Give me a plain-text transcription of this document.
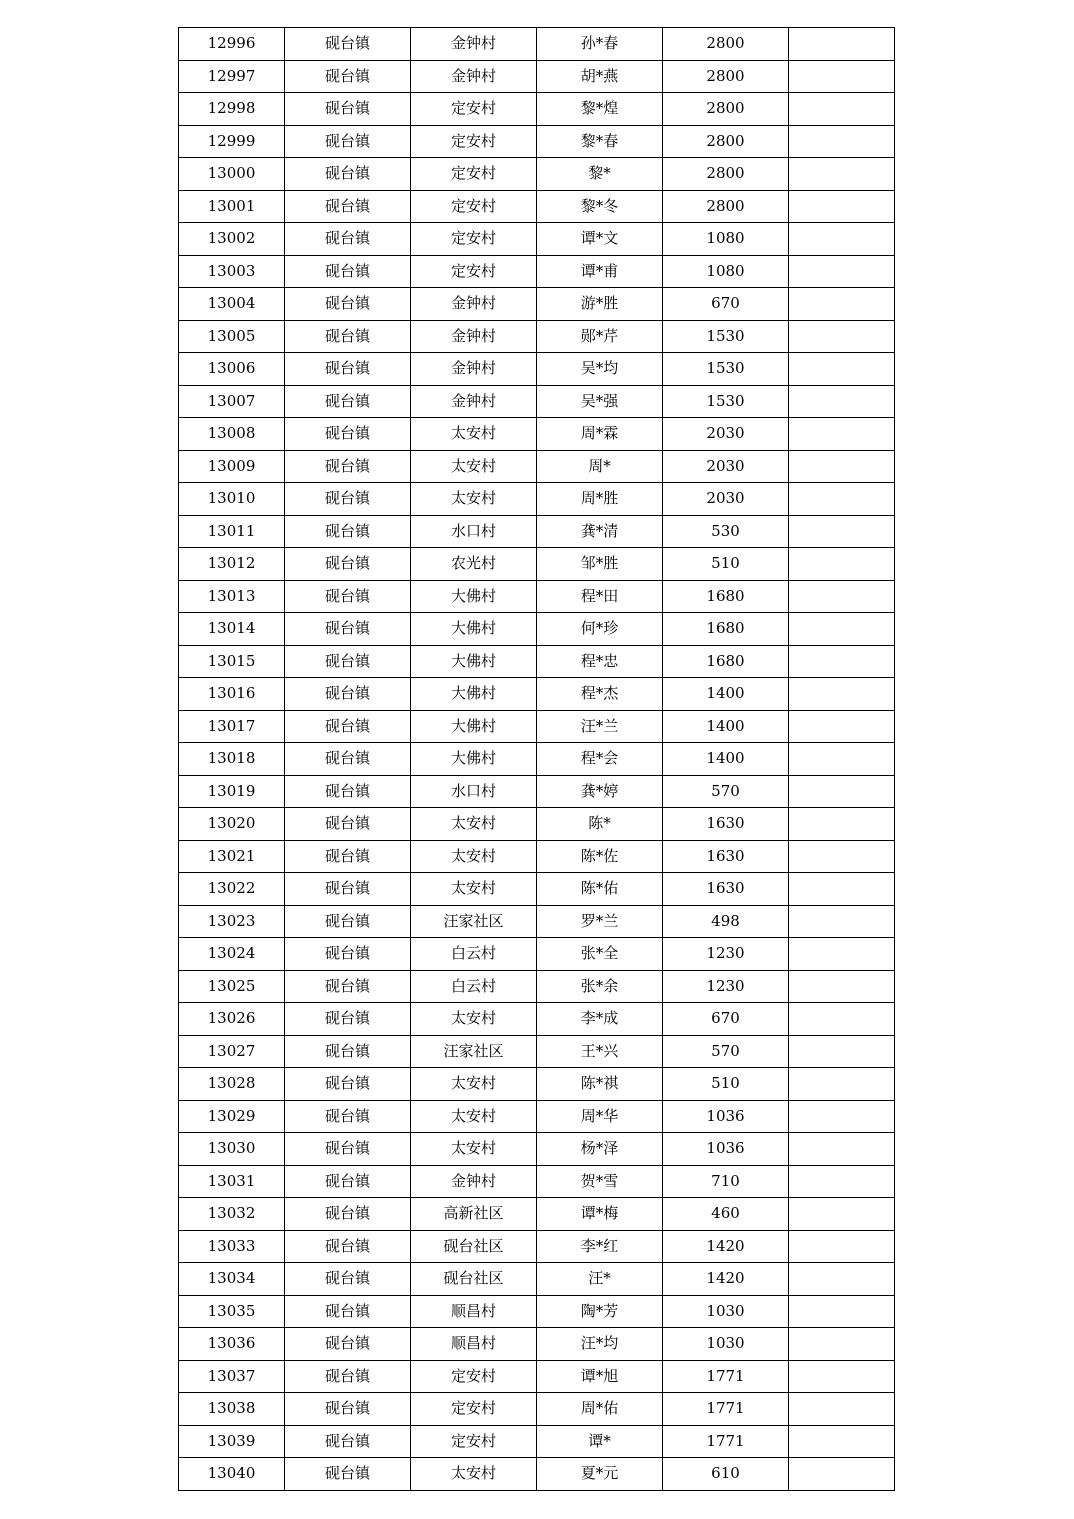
12996	砚台镇	金钟村	孙*春	2800	
12997	砚台镇	金钟村	胡*燕	2800	
12998	砚台镇	定安村	黎*煌	2800	
12999	砚台镇	定安村	黎*春	2800	
13000	砚台镇	定安村	黎*	2800	
13001	砚台镇	定安村	黎*冬	2800	
13002	砚台镇	定安村	谭*文	1080	
13003	砚台镇	定安村	谭*甫	1080	
13004	砚台镇	金钟村	游*胜	670	
13005	砚台镇	金钟村	郧*芹	1530	
13006	砚台镇	金钟村	吴*均	1530	
13007	砚台镇	金钟村	吴*强	1530	
13008	砚台镇	太安村	周*霖	2030	
13009	砚台镇	太安村	周*	2030	
13010	砚台镇	太安村	周*胜	2030	
13011	砚台镇	水口村	龚*清	530	
13012	砚台镇	农光村	邹*胜	510	
13013	砚台镇	大佛村	程*田	1680	
13014	砚台镇	大佛村	何*珍	1680	
13015	砚台镇	大佛村	程*忠	1680	
13016	砚台镇	大佛村	程*杰	1400	
13017	砚台镇	大佛村	汪*兰	1400	
13018	砚台镇	大佛村	程*会	1400	
13019	砚台镇	水口村	龚*婷	570	
13020	砚台镇	太安村	陈*	1630	
13021	砚台镇	太安村	陈*佐	1630	
13022	砚台镇	太安村	陈*佑	1630	
13023	砚台镇	汪家社区	罗*兰	498	
13024	砚台镇	白云村	张*全	1230	
13025	砚台镇	白云村	张*余	1230	
13026	砚台镇	太安村	李*成	670	
13027	砚台镇	汪家社区	王*兴	570	
13028	砚台镇	太安村	陈*祺	510	
13029	砚台镇	太安村	周*华	1036	
13030	砚台镇	太安村	杨*泽	1036	
13031	砚台镇	金钟村	贺*雪	710	
13032	砚台镇	高新社区	谭*梅	460	
13033	砚台镇	砚台社区	李*红	1420	
13034	砚台镇	砚台社区	汪*	1420	
13035	砚台镇	顺昌村	陶*芳	1030	
13036	砚台镇	顺昌村	汪*均	1030	
13037	砚台镇	定安村	谭*旭	1771	
13038	砚台镇	定安村	周*佑	1771	
13039	砚台镇	定安村	谭*	1771	
13040	砚台镇	太安村	夏*元	610	
